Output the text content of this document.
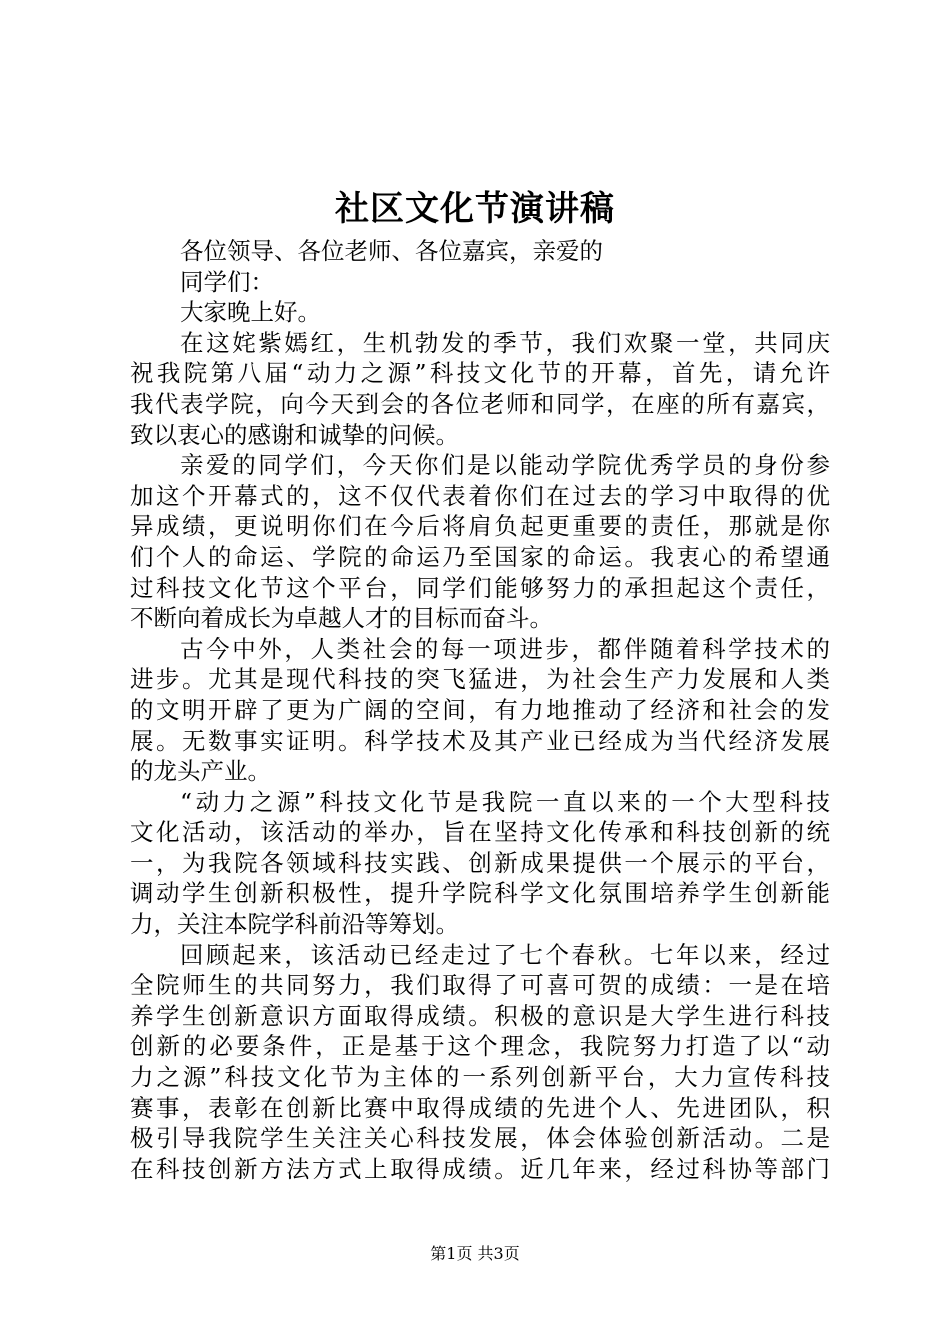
社区文化节演讲稿
各位领导、各位老师、各位嘉宾，亲爱的
同学们：
大家晚上好。
在这姹紫嫣红，生机勃发的季节，我们欢聚一堂，共同庆
祝我院第八届“动力之源”科技文化节的开幕，首先，请允许
我代表学院，向今天到会的各位老师和同学，在座的所有嘉宾，
致以衷心的感谢和诚挚的问候。
亲爱的同学们，今天你们是以能动学院优秀学员的身份参
加这个开幕式的，这不仅代表着你们在过去的学习中取得的优
异成绩，更说明你们在今后将肩负起更重要的责任，那就是你
们个人的命运、学院的命运乃至国家的命运。我衷心的希望通
过科技文化节这个平台，同学们能够努力的承担起这个责任，
不断向着成长为卓越人才的目标而奋斗。
古今中外，人类社会的每一项进步，都伴随着科学技术的
进步。尤其是现代科技的突飞猛进，为社会生产力发展和人类
的文明开辟了更为广阔的空间，有力地推动了经济和社会的发
展。无数事实证明。科学技术及其产业已经成为当代经济发展
的龙头产业。
“动力之源”科技文化节是我院一直以来的一个大型科技
文化活动，该活动的举办，旨在坚持文化传承和科技创新的统
一，为我院各领域科技实践、创新成果提供一个展示的平台，
调动学生创新积极性，提升学院科学文化氛围培养学生创新能
力，关注本院学科前沿等筹划。
回顾起来，该活动已经走过了七个春秋。七年以来，经过
全院师生的共同努力，我们取得了可喜可贺的成绩：一是在培
养学生创新意识方面取得成绩。积极的意识是大学生进行科技
创新的必要条件，正是基于这个理念，我院努力打造了以“动
力之源”科技文化节为主体的一系列创新平台，大力宣传科技
赛事，表彰在创新比赛中取得成绩的先进个人、先进团队，积
极引导我院学生关注关心科技发展，体会体验创新活动。二是
在科技创新方法方式上取得成绩。近几年来，经过科协等部门
第1页 共3页
